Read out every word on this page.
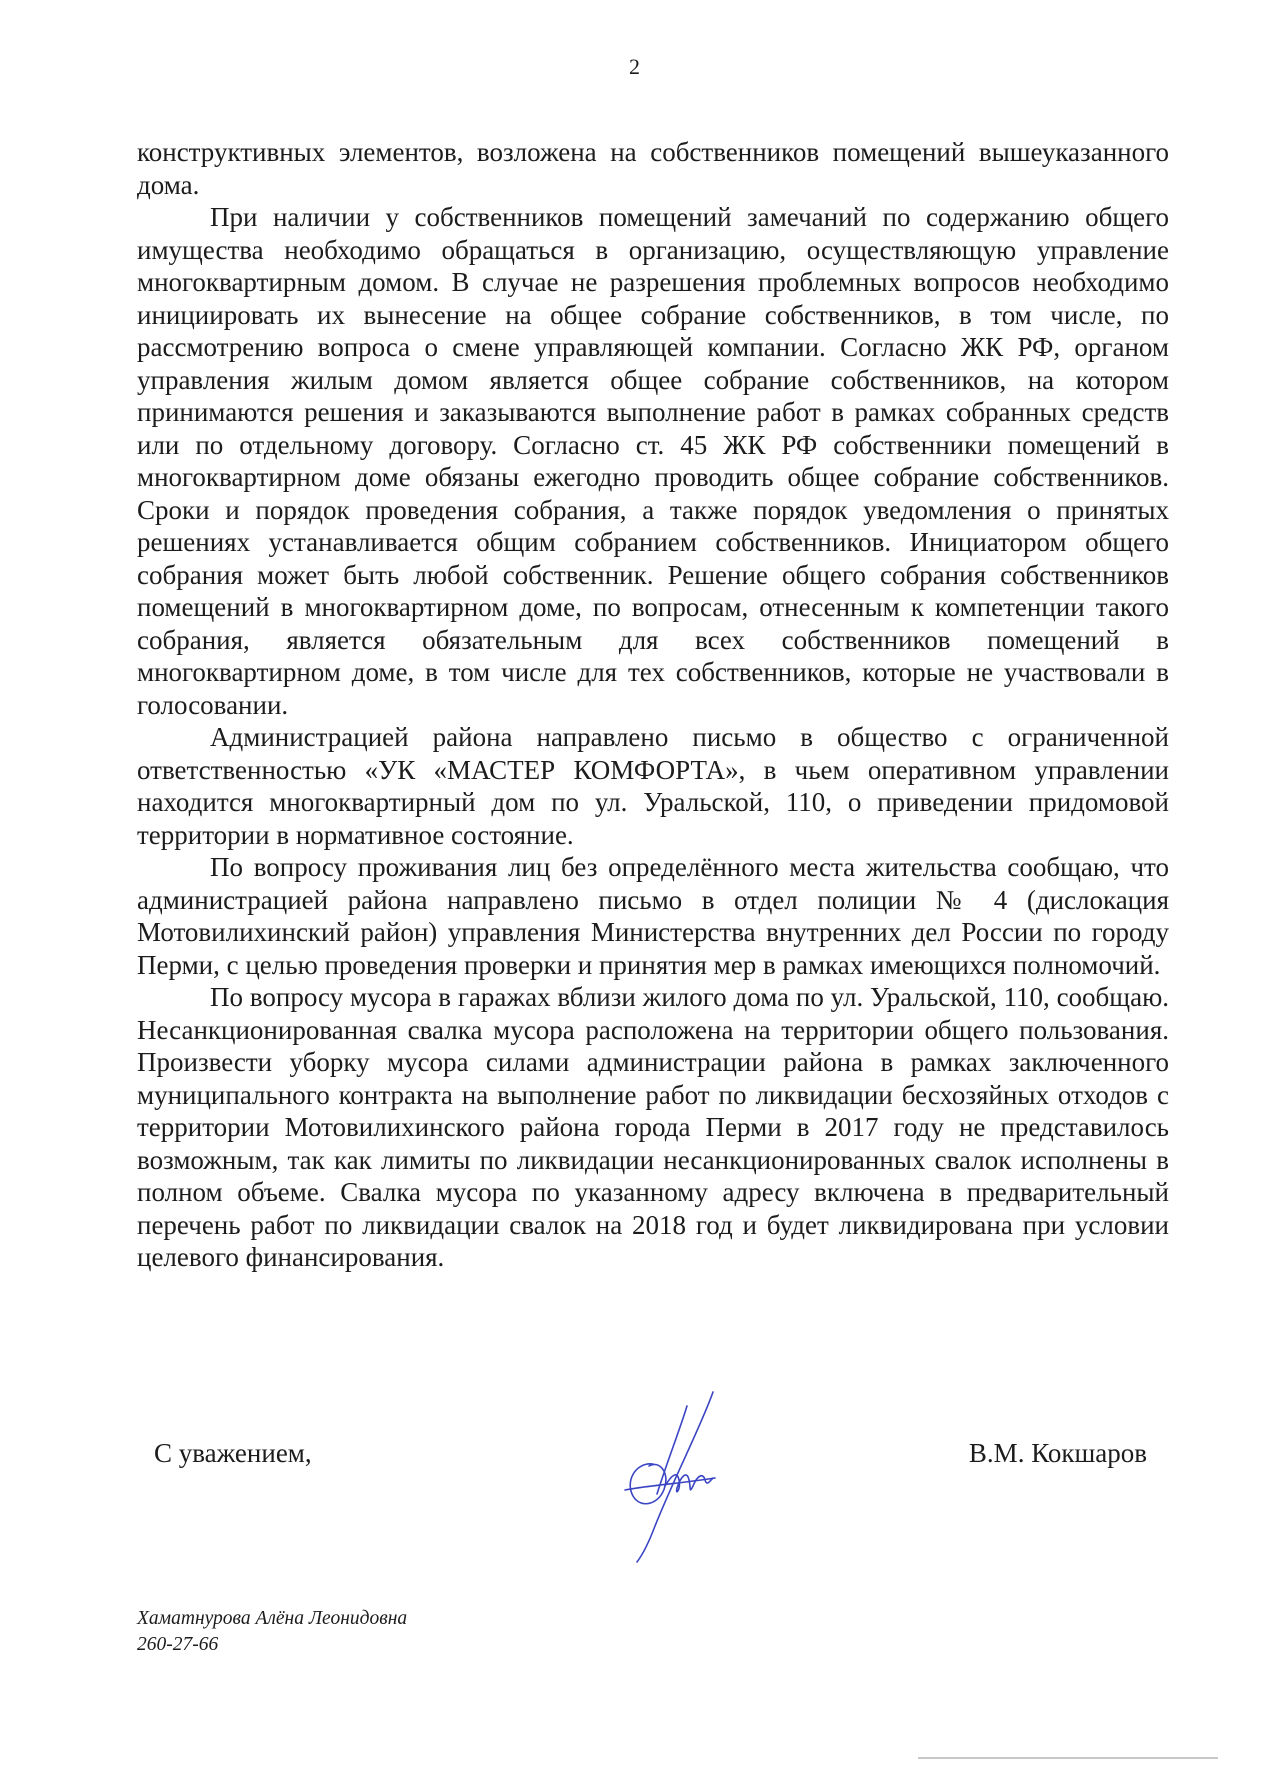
2

конструктивных элементов, возложена на собственников помещений вышеуказанного дома.

При наличии у собственников помещений замечаний по содержанию общего имущества необходимо обращаться в организацию, осуществляющую управление многоквартирным домом. В случае не разрешения проблемных вопросов необходимо инициировать их вынесение на общее собрание собственников, в том числе, по рассмотрению вопроса о смене управляющей компании. Согласно ЖК РФ, органом управления жилым домом является общее собрание собственников, на котором принимаются решения и заказываются выполнение работ в рамках собранных средств или по отдельному договору. Согласно ст. 45 ЖК РФ собственники помещений в многоквартирном доме обязаны ежегодно проводить общее собрание собственников. Сроки и порядок проведения собрания, а также порядок уведомления о принятых решениях устанавливается общим собранием собственников. Инициатором общего собрания может быть любой собственник. Решение общего собрания собственников помещений в многоквартирном доме, по вопросам, отнесенным к компетенции такого собрания, является обязательным для всех собственников помещений в многоквартирном доме, в том числе для тех собственников, которые не участвовали в голосовании.

Администрацией района направлено письмо в общество с ограниченной ответственностью «УК «МАСТЕР КОМФОРТА», в чьем оперативном управлении находится многоквартирный дом по ул. Уральской, 110, о приведении придомовой территории в нормативное состояние.

По вопросу проживания лиц без определённого места жительства сообщаю, что администрацией района направлено письмо в отдел полиции № 4 (дислокация Мотовилихинский район) управления Министерства внутренних дел России по городу Перми, с целью проведения проверки и принятия мер в рамках имеющихся полномочий.

По вопросу мусора в гаражах вблизи жилого дома по ул. Уральской, 110, сообщаю. Несанкционированная свалка мусора расположена на территории общего пользования. Произвести уборку мусора силами администрации района в рамках заключенного муниципального контракта на выполнение работ по ликвидации бесхозяйных отходов с территории Мотовилихинского района города Перми в 2017 году не представилось возможным, так как лимиты по ликвидации несанкционированных свалок исполнены в полном объеме. Свалка мусора по указанному адресу включена в предварительный перечень работ по ликвидации свалок на 2018 год и будет ликвидирована при условии целевого финансирования.

С уважением,	В.М. Кокшаров
Хаматнурова Алёна Леонидовна
260-27-66
